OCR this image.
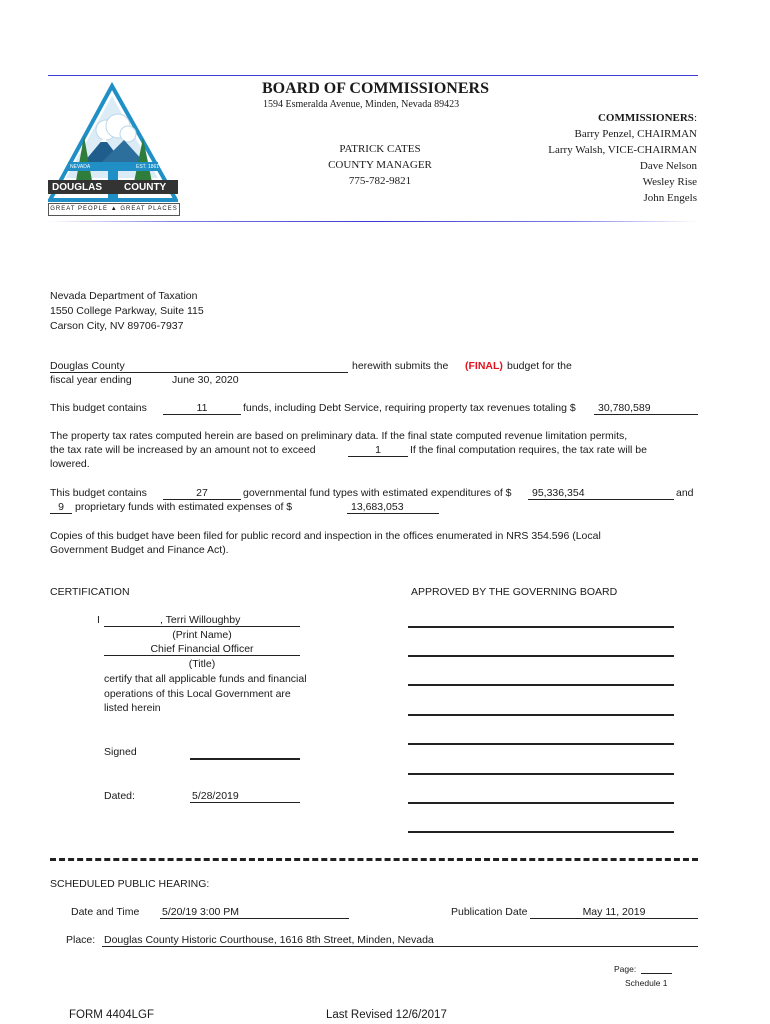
NEVADA	EST. 1861
DOUGLAS COUNTY
GREAT PEOPLE ▲ GREAT PLACES
BOARD OF COMMISSIONERS
1594 Esmeralda Avenue, Minden, Nevada 89423
PATRICK CATES
COUNTY MANAGER
775-782-9821
COMMISSIONERS:
Barry Penzel, CHAIRMAN
Larry Walsh, VICE-CHAIRMAN
Dave Nelson
Wesley Rise
John Engels
Nevada Department of Taxation
1550 College Parkway, Suite 115
Carson City, NV 89706-7937
Douglas County	herewith submits the (FINAL) budget for the
fiscal year ending	June 30, 2020
This budget contains	11	funds, including Debt Service, requiring property tax revenues totaling $ 30,780,589
The property tax rates computed herein are based on preliminary data. If the final state computed revenue limitation permits,
the tax rate will be increased by an amount not to exceed	1	If the final computation requires, the tax rate will be
lowered.
This budget contains	27	governmental fund types with estimated expenditures of $ 95,336,354	and
9	proprietary funds with estimated expenses of $	13,683,053
Copies of this budget have been filed for public record and inspection in the offices enumerated in NRS 354.596 (Local
Government Budget and Finance Act).
CERTIFICATION	APPROVED BY THE GOVERNING BOARD
I	, Terri Willoughby
(Print Name)
Chief Financial Officer
(Title)
certify that all applicable funds and financial
operations of this Local Government are
listed herein
Signed
Dated:	5/28/2019
SCHEDULED PUBLIC HEARING:
Date and Time 5/20/19 3:00 PM	Publication Date	May 11, 2019
Place: Douglas County Historic Courthouse, 1616 8th Street, Minden, Nevada
Page:
Schedule 1
FORM 4404LGF	Last Revised 12/6/2017
